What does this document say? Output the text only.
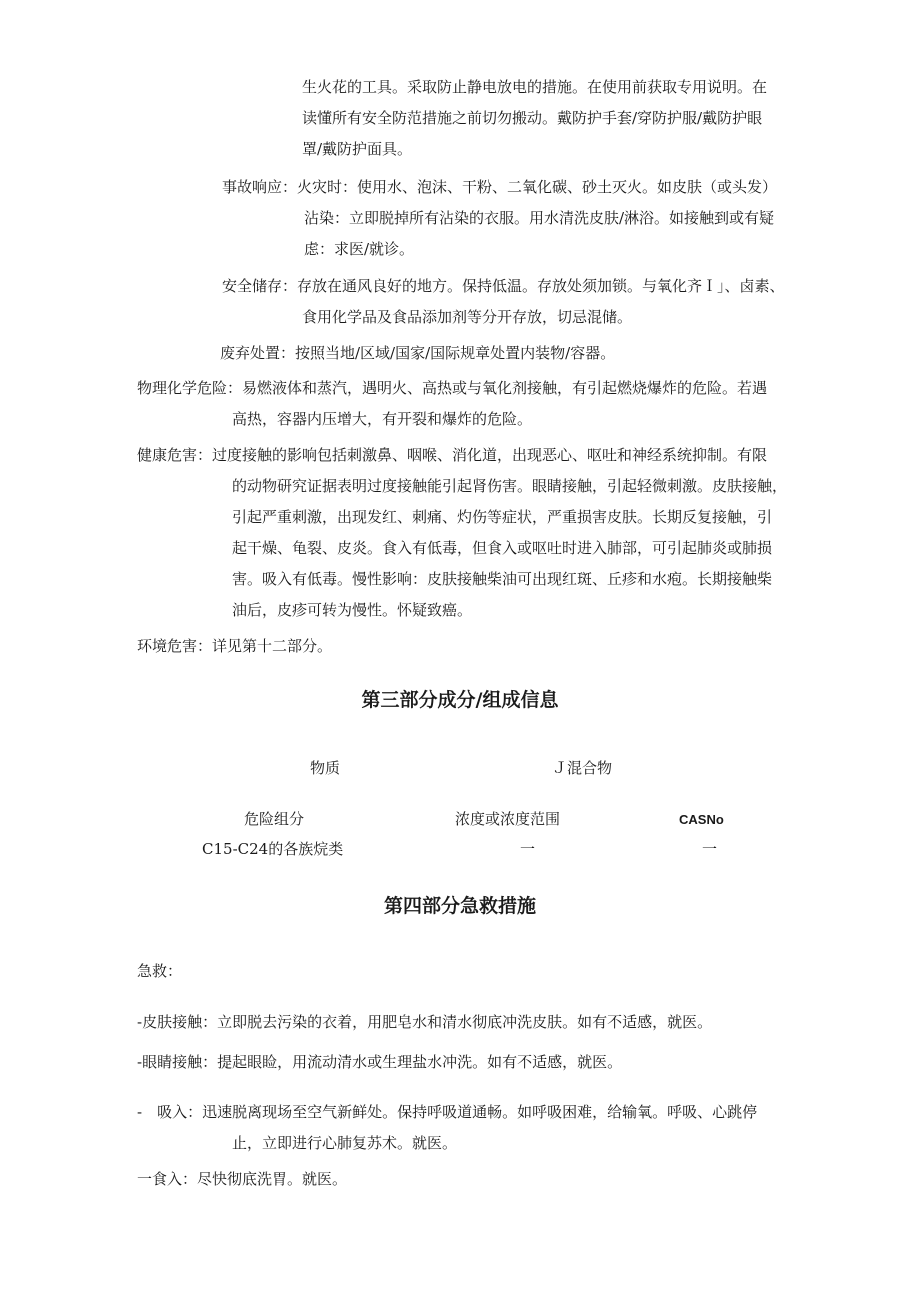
生火花的工具。采取防止静电放电的措施。在使用前获取专用说明。在
读懂所有安全防范措施之前切勿搬动。戴防护手套/穿防护服/戴防护眼
罩/戴防护面具。
事故响应：火灾时：使用水、泡沫、干粉、二氧化碳、砂土灭火。如皮肤（或头发）
沾染：立即脱掉所有沾染的衣服。用水清洗皮肤/淋浴。如接触到或有疑
虑：求医/就诊。
安全储存：存放在通风良好的地方。保持低温。存放处须加锁。与氧化齐Ｉ」、卤素、
食用化学品及食品添加剂等分开存放，切忌混储。
废弃处置：按照当地/区域/国家/国际规章处置内装物/容器。
物理化学危险：易燃液体和蒸汽，遇明火、高热或与氧化剂接触，有引起燃烧爆炸的危险。若遇
高热，容器内压增大，有开裂和爆炸的危险。
健康危害：过度接触的影响包括刺激鼻、咽喉、消化道，出现恶心、呕吐和神经系统抑制。有限
的动物研究证据表明过度接触能引起肾伤害。眼睛接触，引起轻微刺激。皮肤接触，
引起严重刺激，出现发红、刺痛、灼伤等症状，严重损害皮肤。长期反复接触，引
起干燥、龟裂、皮炎。食入有低毒，但食入或呕吐时进入肺部，可引起肺炎或肺损
害。吸入有低毒。慢性影响：皮肤接触柴油可出现红斑、丘疹和水疱。长期接触柴
油后，皮疹可转为慢性。怀疑致癌。
环境危害：详见第十二部分。
第三部分成分/组成信息
物质	Ｊ混合物
危险组分	浓度或浓度范围	CASNo
C15-C24的各族烷类	一	一
第四部分急救措施
急救：
-皮肤接触：立即脱去污染的衣着，用肥皂水和清水彻底冲洗皮肤。如有不适感，就医。
-眼睛接触：提起眼睑，用流动清水或生理盐水冲洗。如有不适感，就医。
-　吸入：迅速脱离现场至空气新鲜处。保持呼吸道通畅。如呼吸困难，给输氧。呼吸、心跳停
止，立即进行心肺复苏术。就医。
一食入：尽快彻底洗胃。就医。
